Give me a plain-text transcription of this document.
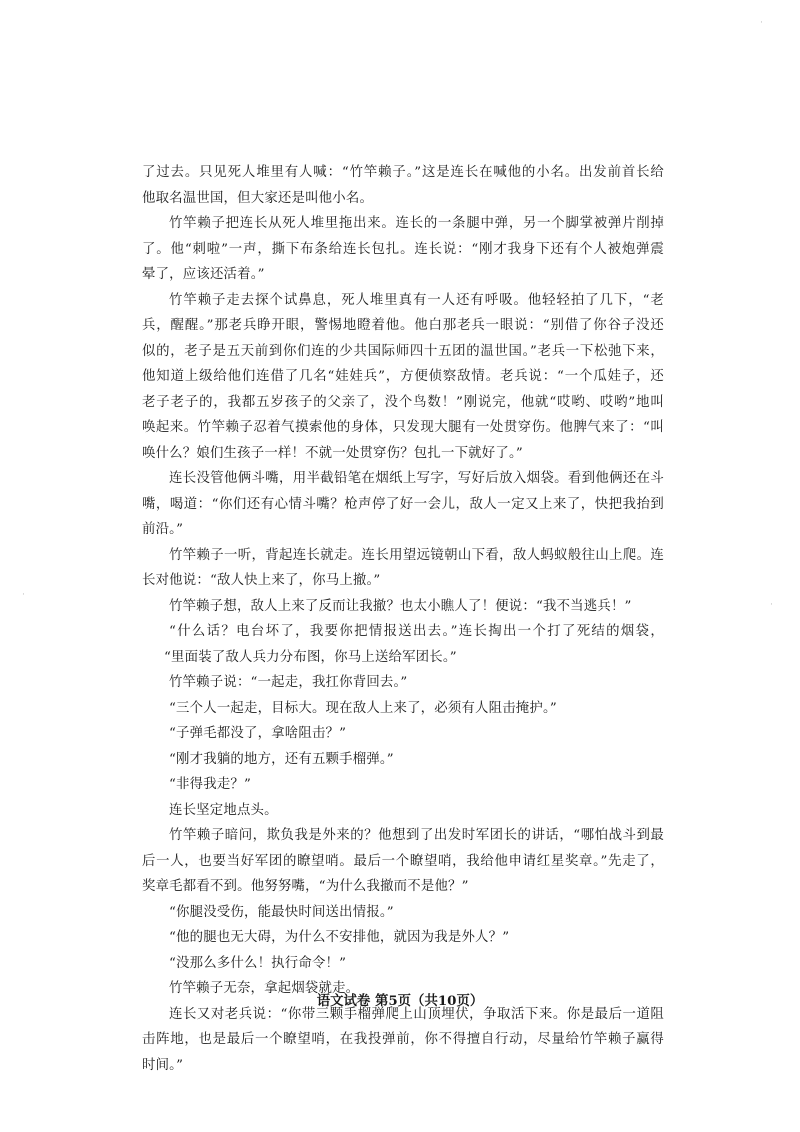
·
·
·
了过去。只见死人堆里有人喊：“竹竿赖子。”这是连长在喊他的小名。出发前首长给
他取名温世国，但大家还是叫他小名。
竹竿赖子把连长从死人堆里拖出来。连长的一条腿中弹，另一个脚掌被弹片削掉
了。他“刺啦”一声，撕下布条给连长包扎。连长说：“刚才我身下还有个人被炮弹震
晕了，应该还活着。”
竹竿赖子走去探个试鼻息，死人堆里真有一人还有呼吸。他轻轻拍了几下，“老
兵，醒醒。”那老兵睁开眼，警惕地瞪着他。他白那老兵一眼说：“别借了你谷子没还
似的，老子是五天前到你们连的少共国际师四十五团的温世国。”老兵一下松弛下来，
他知道上级给他们连借了几名“娃娃兵”，方便侦察敌情。老兵说：“一个瓜娃子，还
老子老子的，我都五岁孩子的父亲了，没个鸟数！”刚说完，他就“哎哟、哎哟”地叫
唤起来。竹竿赖子忍着气摸索他的身体，只发现大腿有一处贯穿伤。他脾气来了：“叫
唤什么？娘们生孩子一样！不就一处贯穿伤？包扎一下就好了。”
连长没管他俩斗嘴，用半截铅笔在烟纸上写字，写好后放入烟袋。看到他俩还在斗
嘴，喝道：“你们还有心情斗嘴？枪声停了好一会儿，敌人一定又上来了，快把我抬到
前沿。”
竹竿赖子一听，背起连长就走。连长用望远镜朝山下看，敌人蚂蚁般往山上爬。连
长对他说：“敌人快上来了，你马上撤。”
竹竿赖子想，敌人上来了反而让我撤？也太小瞧人了！便说：“我不当逃兵！”
“什么话？电台坏了，我要你把情报送出去。”连长掏出一个打了死结的烟袋，
“里面装了敌人兵力分布图，你马上送给军团长。”
竹竿赖子说：“一起走，我扛你背回去。”
“三个人一起走，目标大。现在敌人上来了，必须有人阻击掩护。”
“子弹毛都没了，拿啥阻击？”
“刚才我躺的地方，还有五颗手榴弹。”
“非得我走？”
连长坚定地点头。
竹竿赖子暗问，欺负我是外来的？他想到了出发时军团长的讲话，“哪怕战斗到最
后一人，也要当好军团的瞭望哨。最后一个瞭望哨，我给他申请红星奖章。”先走了，
奖章毛都看不到。他努努嘴，“为什么我撤而不是他？”
“你腿没受伤，能最快时间送出情报。”
“他的腿也无大碍，为什么不安排他，就因为我是外人？”
“没那么多什么！执行命令！”
竹竿赖子无奈，拿起烟袋就走。
连长又对老兵说：“你带三颗手榴弹爬上山顶埋伏，争取活下来。你是最后一道阻
击阵地，也是最后一个瞭望哨，在我投弹前，你不得擅自行动，尽量给竹竿赖子赢得
时间。”
语文试卷 第5页（共10页）
